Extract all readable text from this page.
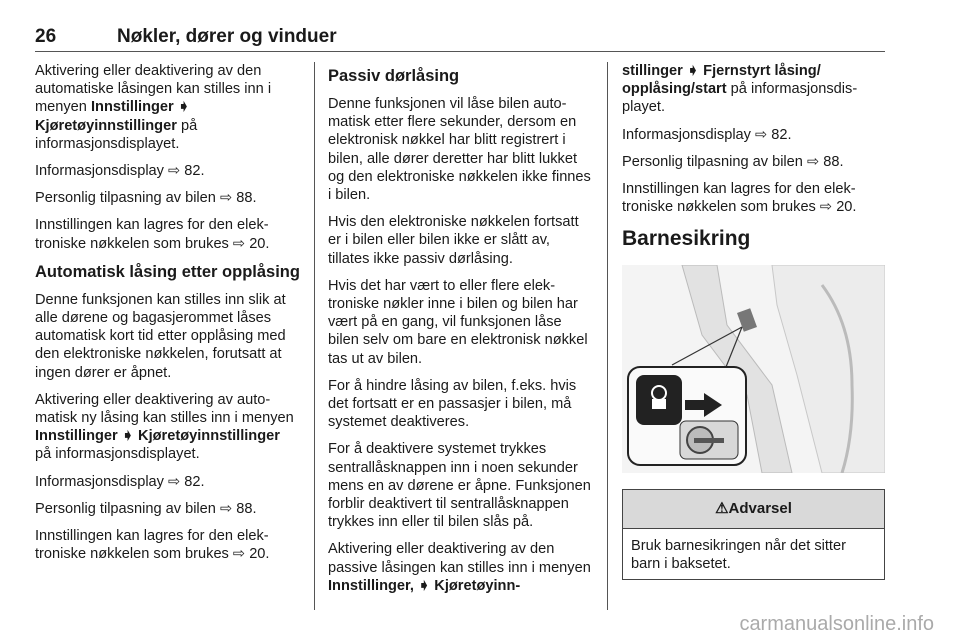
26	Nøkler, dører og vinduer

Aktivering eller deaktivering av den automatiske låsingen kan stilles inn i menyen Innstillinger ➧ Kjøretøyinnstillinger på informasjonsdisplayet.

Informasjonsdisplay ⇨ 82.

Personlig tilpasning av bilen ⇨ 88.

Innstillingen kan lagres for den elektroniske nøkkelen som brukes ⇨ 20.

Automatisk låsing etter opplåsing

Denne funksjonen kan stilles inn slik at alle dørene og bagasjerommet låses automatisk kort tid etter opplåsing med den elektroniske nøkkelen, forutsatt at ingen dører er åpnet.

Aktivering eller deaktivering av automatisk ny låsing kan stilles inn i menyen Innstillinger ➧ Kjøretøyinnstillinger på informasjonsdisplayet.

Informasjonsdisplay ⇨ 82.

Personlig tilpasning av bilen ⇨ 88.

Innstillingen kan lagres for den elektroniske nøkkelen som brukes ⇨ 20.

Passiv dørlåsing

Denne funksjonen vil låse bilen automatisk etter flere sekunder, dersom en elektronisk nøkkel har blitt registrert i bilen, alle dører deretter har blitt lukket og den elektroniske nøkkelen ikke finnes i bilen.

Hvis den elektroniske nøkkelen fortsatt er i bilen eller bilen ikke er slått av, tillates ikke passiv dørlåsing.

Hvis det har vært to eller flere elektroniske nøkler inne i bilen og bilen har vært på en gang, vil funksjonen låse bilen selv om bare en elektronisk nøkkel tas ut av bilen.

For å hindre låsing av bilen, f.eks. hvis det fortsatt er en passasjer i bilen, må systemet deaktiveres.

For å deaktivere systemet trykkes sentrallåsknappen inn i noen sekunder mens en av dørene er åpne. Funksjonen forblir deaktivert til sentrallåsknappen trykkes inn eller til bilen slås på.

Aktivering eller deaktivering av den passive låsingen kan stilles inn i menyen Innstillinger, ➧ Kjøretøyinn-

stillinger ➧ Fjernstyrt låsing/ opplåsing/start på informasjonsdisplayet.

Informasjonsdisplay ⇨ 82.

Personlig tilpasning av bilen ⇨ 88.

Innstillingen kan lagres for den elektroniske nøkkelen som brukes ⇨ 20.

Barnesikring
⚠Advarsel
Bruk barnesikringen når det sitter barn i baksetet.
carmanualsonline.info
